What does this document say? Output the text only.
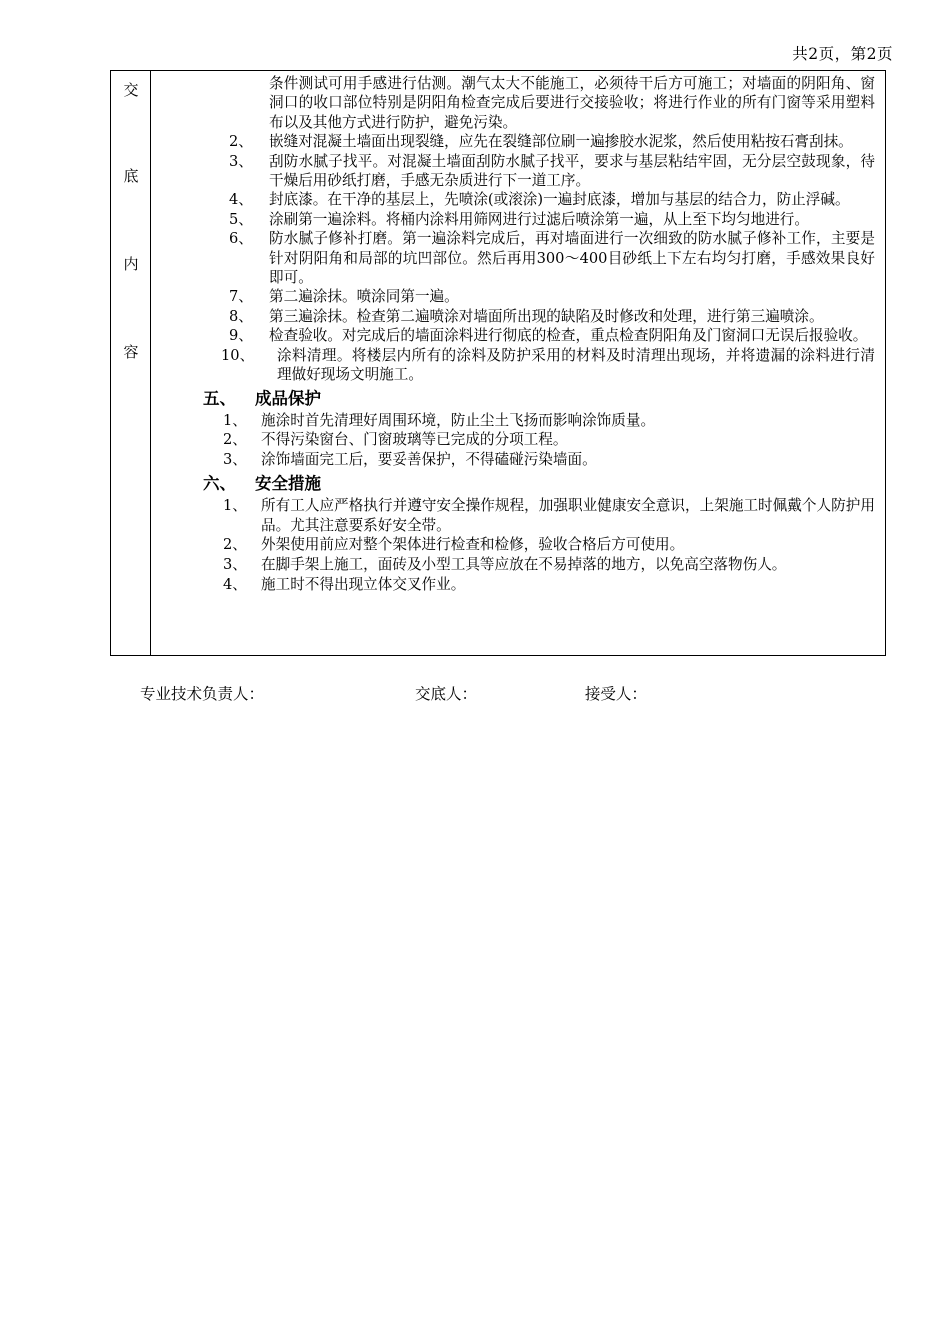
共2页，第2页
交
底
内
容

条件测试可用手感进行估测。潮气太大不能施工，必须待干后方可施工；对墙面的阴阳角、窗洞口的收口部位特别是阴阳角检查完成后要进行交接验收；将进行作业的所有门窗等采用塑料布以及其他方式进行防护，避免污染。

2、	嵌缝对混凝土墙面出现裂缝，应先在裂缝部位刷一遍掺胶水泥浆，然后使用粘按石膏刮抹。
3、	刮防水腻子找平。对混凝土墙面刮防水腻子找平，要求与基层粘结牢固，无分层空鼓现象，待干燥后用砂纸打磨，手感无杂质进行下一道工序。
4、	封底漆。在干净的基层上，先喷涂(或滚涂)一遍封底漆，增加与基层的结合力，防止浮碱。
5、	涂刷第一遍涂料。将桶内涂料用筛网进行过滤后喷涂第一遍，从上至下均匀地进行。
6、	防水腻子修补打磨。第一遍涂料完成后，再对墙面进行一次细致的防水腻子修补工作，主要是针对阴阳角和局部的坑凹部位。然后再用300～400目砂纸上下左右均匀打磨，手感效果良好即可。
7、	第二遍涂抹。喷涂同第一遍。
8、	第三遍涂抹。检查第二遍喷涂对墙面所出现的缺陷及时修改和处理，进行第三遍喷涂。
9、	检查验收。对完成后的墙面涂料进行彻底的检查，重点检查阴阳角及门窗洞口无误后报验收。
10、	涂料清理。将楼层内所有的涂料及防护采用的材料及时清理出现场，并将遗漏的涂料进行清理做好现场文明施工。
五、 成品保护
1、 施涂时首先清理好周围环境，防止尘土飞扬而影响涂饰质量。
2、 不得污染窗台、门窗玻璃等已完成的分项工程。
3、 涂饰墙面完工后，要妥善保护，不得磕碰污染墙面。
六、 安全措施
1、 所有工人应严格执行并遵守安全操作规程，加强职业健康安全意识，上架施工时佩戴个人防护用品。尤其注意要系好安全带。
2、 外架使用前应对整个架体进行检查和检修，验收合格后方可使用。
3、 在脚手架上施工，面砖及小型工具等应放在不易掉落的地方，以免高空落物伤人。
4、 施工时不得出现立体交叉作业。
专业技术负责人：	交底人：	接受人：
